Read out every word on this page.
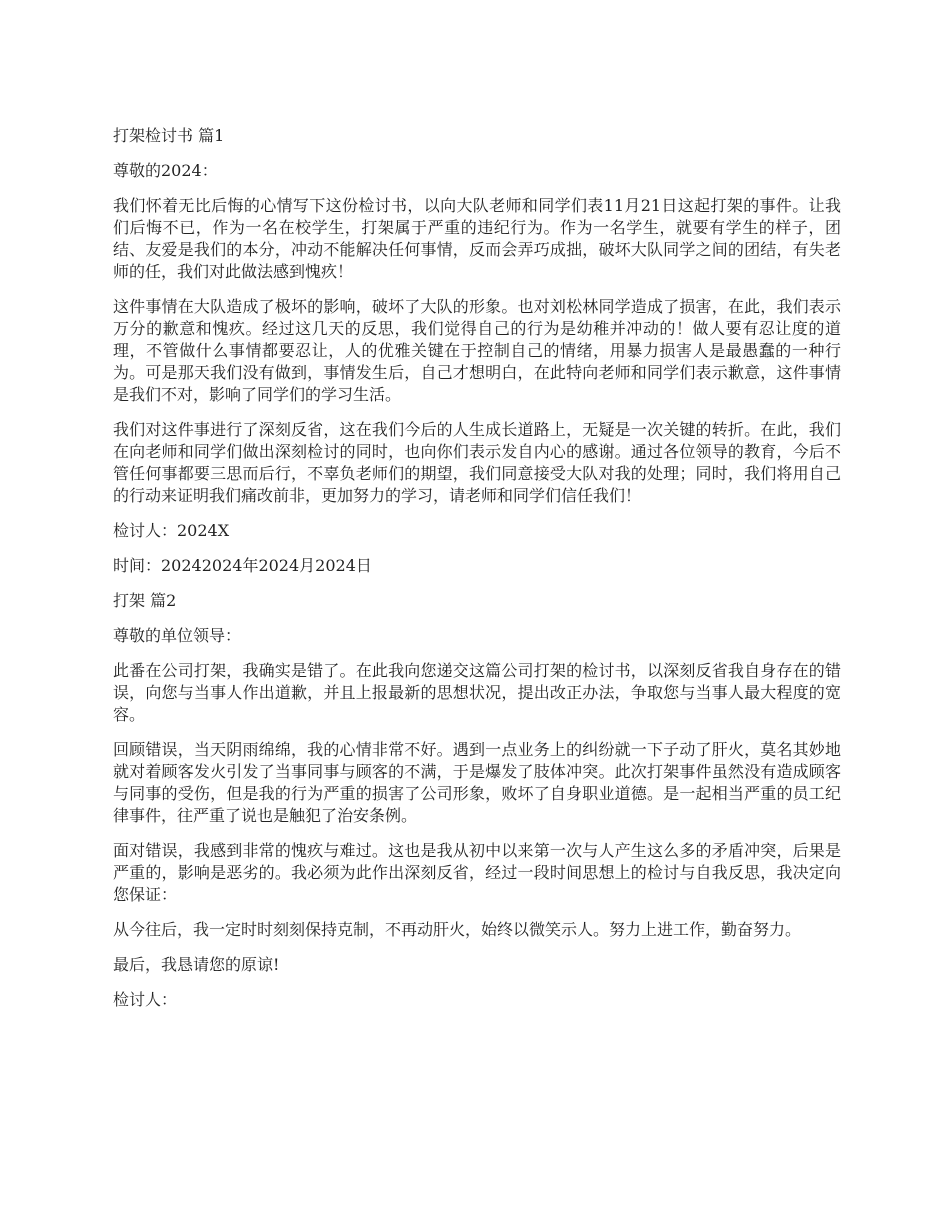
打架检讨书 篇1

尊敬的2024：

我们怀着无比后悔的心情写下这份检讨书，以向大队老师和同学们表11月21日这起打架的事件。让我们后悔不已，作为一名在校学生，打架属于严重的违纪行为。作为一名学生，就要有学生的样子，团结、友爱是我们的本分，冲动不能解决任何事情，反而会弄巧成拙，破坏大队同学之间的团结，有失老师的任，我们对此做法感到愧疚！

这件事情在大队造成了极坏的影响，破坏了大队的形象。也对刘松林同学造成了损害，在此，我们表示万分的歉意和愧疚。经过这几天的反思，我们觉得自己的行为是幼稚并冲动的！做人要有忍让度的道理，不管做什么事情都要忍让，人的优雅关键在于控制自己的情绪，用暴力损害人是最愚蠢的一种行为。可是那天我们没有做到，事情发生后，自己才想明白，在此特向老师和同学们表示歉意，这件事情是我们不对，影响了同学们的学习生活。

我们对这件事进行了深刻反省，这在我们今后的人生成长道路上，无疑是一次关键的转折。在此，我们在向老师和同学们做出深刻检讨的同时，也向你们表示发自内心的感谢。通过各位领导的教育，今后不管任何事都要三思而后行，不辜负老师们的期望，我们同意接受大队对我的处理；同时，我们将用自己的行动来证明我们痛改前非，更加努力的学习，请老师和同学们信任我们！

检讨人：2024X

时间：20242024年2024月2024日

打架 篇2

尊敬的单位领导：

此番在公司打架，我确实是错了。在此我向您递交这篇公司打架的检讨书，以深刻反省我自身存在的错误，向您与当事人作出道歉，并且上报最新的思想状况，提出改正办法，争取您与当事人最大程度的宽容。

回顾错误，当天阴雨绵绵，我的心情非常不好。遇到一点业务上的纠纷就一下子动了肝火，莫名其妙地就对着顾客发火引发了当事同事与顾客的不满，于是爆发了肢体冲突。此次打架事件虽然没有造成顾客与同事的受伤，但是我的行为严重的损害了公司形象，败坏了自身职业道德。是一起相当严重的员工纪律事件，往严重了说也是触犯了治安条例。

面对错误，我感到非常的愧疚与难过。这也是我从初中以来第一次与人产生这么多的矛盾冲突，后果是严重的，影响是恶劣的。我必须为此作出深刻反省，经过一段时间思想上的检讨与自我反思，我决定向您保证：

从今往后，我一定时时刻刻保持克制，不再动肝火，始终以微笑示人。努力上进工作，勤奋努力。

最后，我恳请您的原谅!

检讨人：
